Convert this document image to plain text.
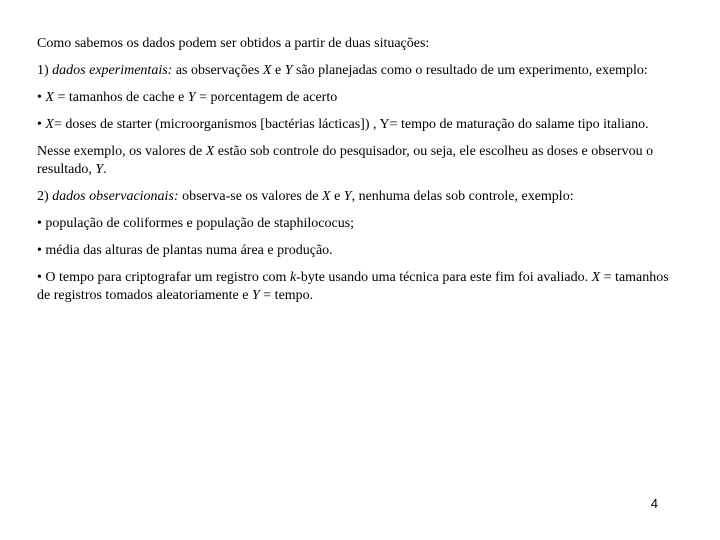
Como sabemos os dados podem ser obtidos a partir de duas situações:

1) dados experimentais: as observações X e Y são planejadas como o resultado de um experimento, exemplo:

• X = tamanhos de cache e Y = porcentagem de acerto

• X= doses de starter (microorganismos [bactérias lácticas]) , Y= tempo de maturação do salame tipo italiano.

Nesse exemplo, os valores de X estão sob controle do pesquisador, ou seja, ele escolheu as doses e observou o resultado, Y.

2) dados observacionais: observa-se os valores de X e Y, nenhuma delas sob controle, exemplo:

• população de coliformes e população de staphilococus;

• média das alturas de plantas numa área e produção.

• O tempo para criptografar um registro com k-byte usando uma técnica para este fim foi avaliado. X = tamanhos de registros tomados aleatoriamente e Y = tempo.

4
